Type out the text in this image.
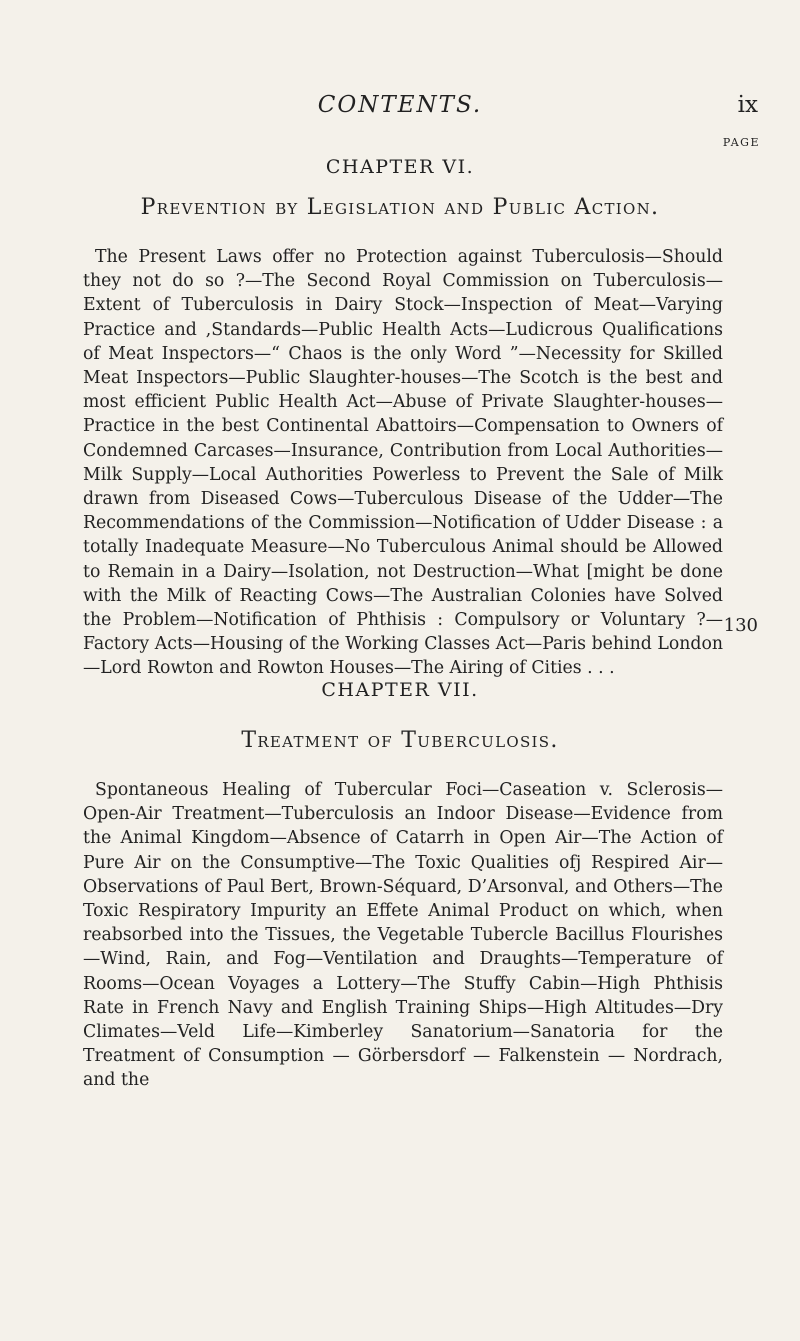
CONTENTS.	ix
PAGE
CHAPTER VI.
Prevention by Legislation and Public Action.

The Present Laws offer no Protection against Tuberculosis—Should they not do so ?—The Second Royal Commission on Tuberculosis—Extent of Tuberculosis in Dairy Stock—Inspection of Meat—Varying Practice and ,Standards—Public Health Acts—Ludicrous Qualifications of Meat Inspectors—“ Chaos is the only Word ”—Necessity for Skilled Meat Inspectors—Public Slaughter-houses—The Scotch is the best and most efficient Public Health Act—Abuse of Private Slaughter-houses—Practice in the best Continental Abattoirs—Compensation to Owners of Condemned Carcases—Insurance, Contribution from Local Authorities—Milk Supply—Local Authorities Powerless to Prevent the Sale of Milk drawn from Diseased Cows—Tuberculous Disease of the Udder—The Recommendations of the Commission—Notification of Udder Disease : a totally Inadequate Measure—No Tuberculous Animal should be Allowed to Remain in a Dairy—Isolation, not Destruction—What [might be done with the Milk of Reacting Cows—The Australian Colonies have Solved the Problem—Notification of Phthisis : Compulsory or Voluntary ?—Factory Acts—Housing of the Working Classes Act—Paris behind London—Lord Rowton and Rowton Houses—The Airing of Cities . . .

130
CHAPTER VII.
Treatment of Tuberculosis.

Spontaneous Healing of Tubercular Foci—Caseation v. Sclerosis—Open-Air Treatment—Tuberculosis an Indoor Disease—Evidence from the Animal Kingdom—Absence of Catarrh in Open Air—The Action of Pure Air on the Consumptive—The Toxic Qualities ofj Respired Air—Observations of Paul Bert, Brown-Séquard, D’Arsonval, and Others—The Toxic Respiratory Impurity an Effete Animal Product on which, when reabsorbed into the Tissues, the Vegetable Tubercle Bacillus Flourishes—Wind, Rain, and Fog—Ventilation and Draughts—Temperature of Rooms—Ocean Voyages a Lottery—The Stuffy Cabin—High Phthisis Rate in French Navy and English Training Ships—High Altitudes—Dry Climates—Veld Life—Kimberley Sanatorium—Sanatoria for the Treatment of Consumption — Görbersdorf — Falkenstein — Nordrach, and the
